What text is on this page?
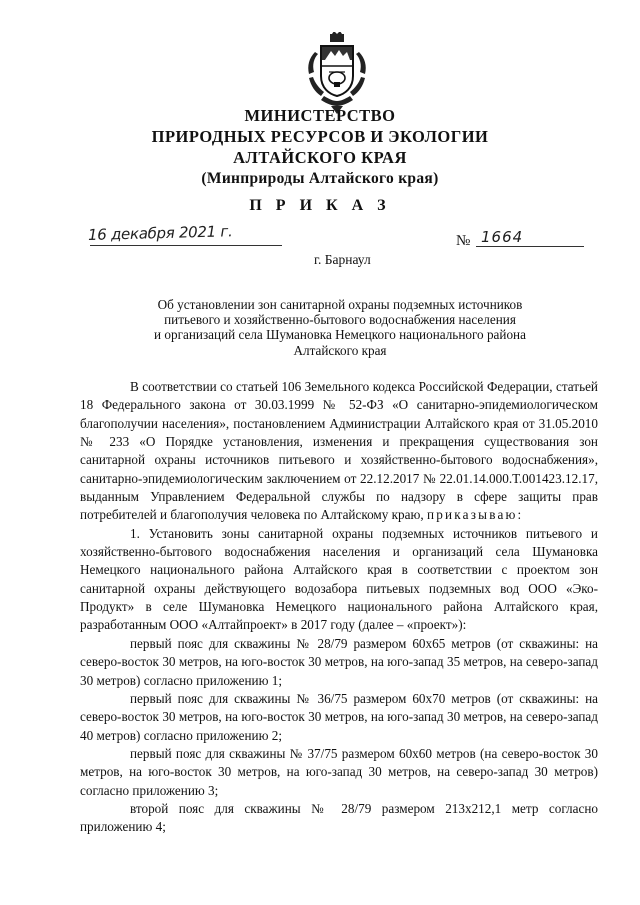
МИНИСТЕРСТВО
ПРИРОДНЫХ РЕСУРСОВ И ЭКОЛОГИИ
АЛТАЙСКОГО КРАЯ
(Минприроды Алтайского края)
П Р И К А З
16 декабря 2021 г.	№ 1664
г. Барнаул
Об установлении зон санитарной охраны подземных источников
питьевого и хозяйственно-бытового водоснабжения населения
и организаций села Шумановка Немецкого национального района
Алтайского края

В соответствии со статьей 106 Земельного кодекса Российской Федерации, статьей 18 Федерального закона от 30.03.1999 № 52-ФЗ «О санитарно-эпидемиологическом благополучии населения», постановлением Администрации Алтайского края от 31.05.2010 № 233 «О Порядке установления, изменения и прекращения существования зон санитарной охраны источников питьевого и хозяйственно-бытового водоснабжения», санитарно-эпидемиологическим заключением от 22.12.2017 № 22.01.14.000.Т.001423.12.17, выданным Управлением Федеральной службы по надзору в сфере защиты прав потребителей и благополучия человека по Алтайскому краю, приказываю:

1. Установить зоны санитарной охраны подземных источников питьевого и хозяйственно-бытового водоснабжения населения и организаций села Шумановка Немецкого национального района Алтайского края в соответствии с проектом зон санитарной охраны действующего водозабора питьевых подземных вод ООО «Эко-Продукт» в селе Шумановка Немецкого национального района Алтайского края, разработанным ООО «Алтайпроект» в 2017 году (далее – «проект»):

первый пояс для скважины № 28/79 размером 60х65 метров (от скважины: на северо-восток 30 метров, на юго-восток 30 метров, на юго-запад 35 метров, на северо-запад 30 метров) согласно приложению 1;

первый пояс для скважины № 36/75 размером 60х70 метров (от скважины: на северо-восток 30 метров, на юго-восток 30 метров, на юго-запад 30 метров, на северо-запад 40 метров) согласно приложению 2;

первый пояс для скважины № 37/75 размером 60х60 метров (на северо-восток 30 метров, на юго-восток 30 метров, на юго-запад 30 метров, на северо-запад 30 метров) согласно приложению 3;

второй пояс для скважины № 28/79 размером 213х212,1 метр согласно приложению 4;
